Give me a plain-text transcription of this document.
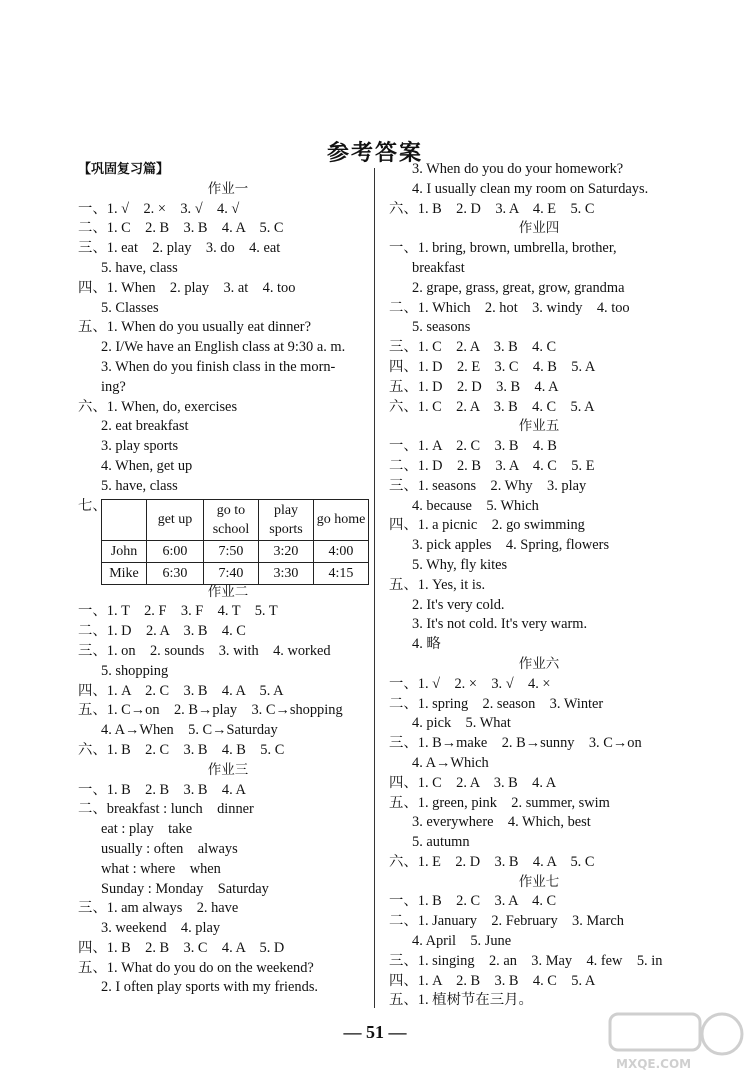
参考答案
【巩固复习篇】
作业一
一、1. √　2. ×　3. √　4. √
二、1. C　2. B　3. B　4. A　5. C
三、1. eat　2. play　3. do　4. eat
5. have, class
四、1. When　2. play　3. at　4. too
5. Classes
五、1. When do you usually eat dinner?
2. I/We have an English class at 9:30 a. m.
3. When do you finish class in the morn-
ing?
六、1. When, do, exercises
2. eat breakfast
3. play sports
4. When, get up
5. have, class
七、
	get up	go to school	play sports	go home
John	6:00	7:50	3:20	4:00
Mike	6:30	7:40	3:30	4:15
作业二
一、1. T　2. F　3. F　4. T　5. T
二、1. D　2. A　3. B　4. C
三、1. on　2. sounds　3. with　4. worked
5. shopping
四、1. A　2. C　3. B　4. A　5. A
五、1. C→on　2. B→play　3. C→shopping
4. A→When　5. C→Saturday
六、1. B　2. C　3. B　4. B　5. C
作业三
一、1. B　2. B　3. B　4. A
二、breakfast : lunch　dinner
eat : play　take
usually : often　always
what : where　when
Sunday : Monday　Saturday
三、1. am always　2. have
3. weekend　4. play
四、1. B　2. B　3. C　4. A　5. D
五、1. What do you do on the weekend?
2. I often play sports with my friends.
3. When do you do your homework?
4. I usually clean my room on Saturdays.
六、1. B　2. D　3. A　4. E　5. C
作业四
一、1. bring, brown, umbrella, brother,
breakfast
2. grape, grass, great, grow, grandma
二、1. Which　2. hot　3. windy　4. too
5. seasons
三、1. C　2. A　3. B　4. C
四、1. D　2. E　3. C　4. B　5. A
五、1. D　2. D　3. B　4. A
六、1. C　2. A　3. B　4. C　5. A
作业五
一、1. A　2. C　3. B　4. B
二、1. D　2. B　3. A　4. C　5. E
三、1. seasons　2. Why　3. play
4. because　5. Which
四、1. a picnic　2. go swimming
3. pick apples　4. Spring, flowers
5. Why, fly kites
五、1. Yes, it is.
2. It's very cold.
3. It's not cold. It's very warm.
4. 略
作业六
一、1. √　2. ×　3. √　4. ×
二、1. spring　2. season　3. Winter
4. pick　5. What
三、1. B→make　2. B→sunny　3. C→on
4. A→Which
四、1. C　2. A　3. B　4. A
五、1. green, pink　2. summer, swim
3. everywhere　4. Which, best
5. autumn
六、1. E　2. D　3. B　4. A　5. C
作业七
一、1. B　2. C　3. A　4. C
二、1. January　2. February　3. March
4. April　5. June
三、1. singing　2. an　3. May　4. few　5. in
四、1. A　2. B　3. B　4. C　5. A
五、1. 植树节在三月。
— 51 —
MXQE.COM
